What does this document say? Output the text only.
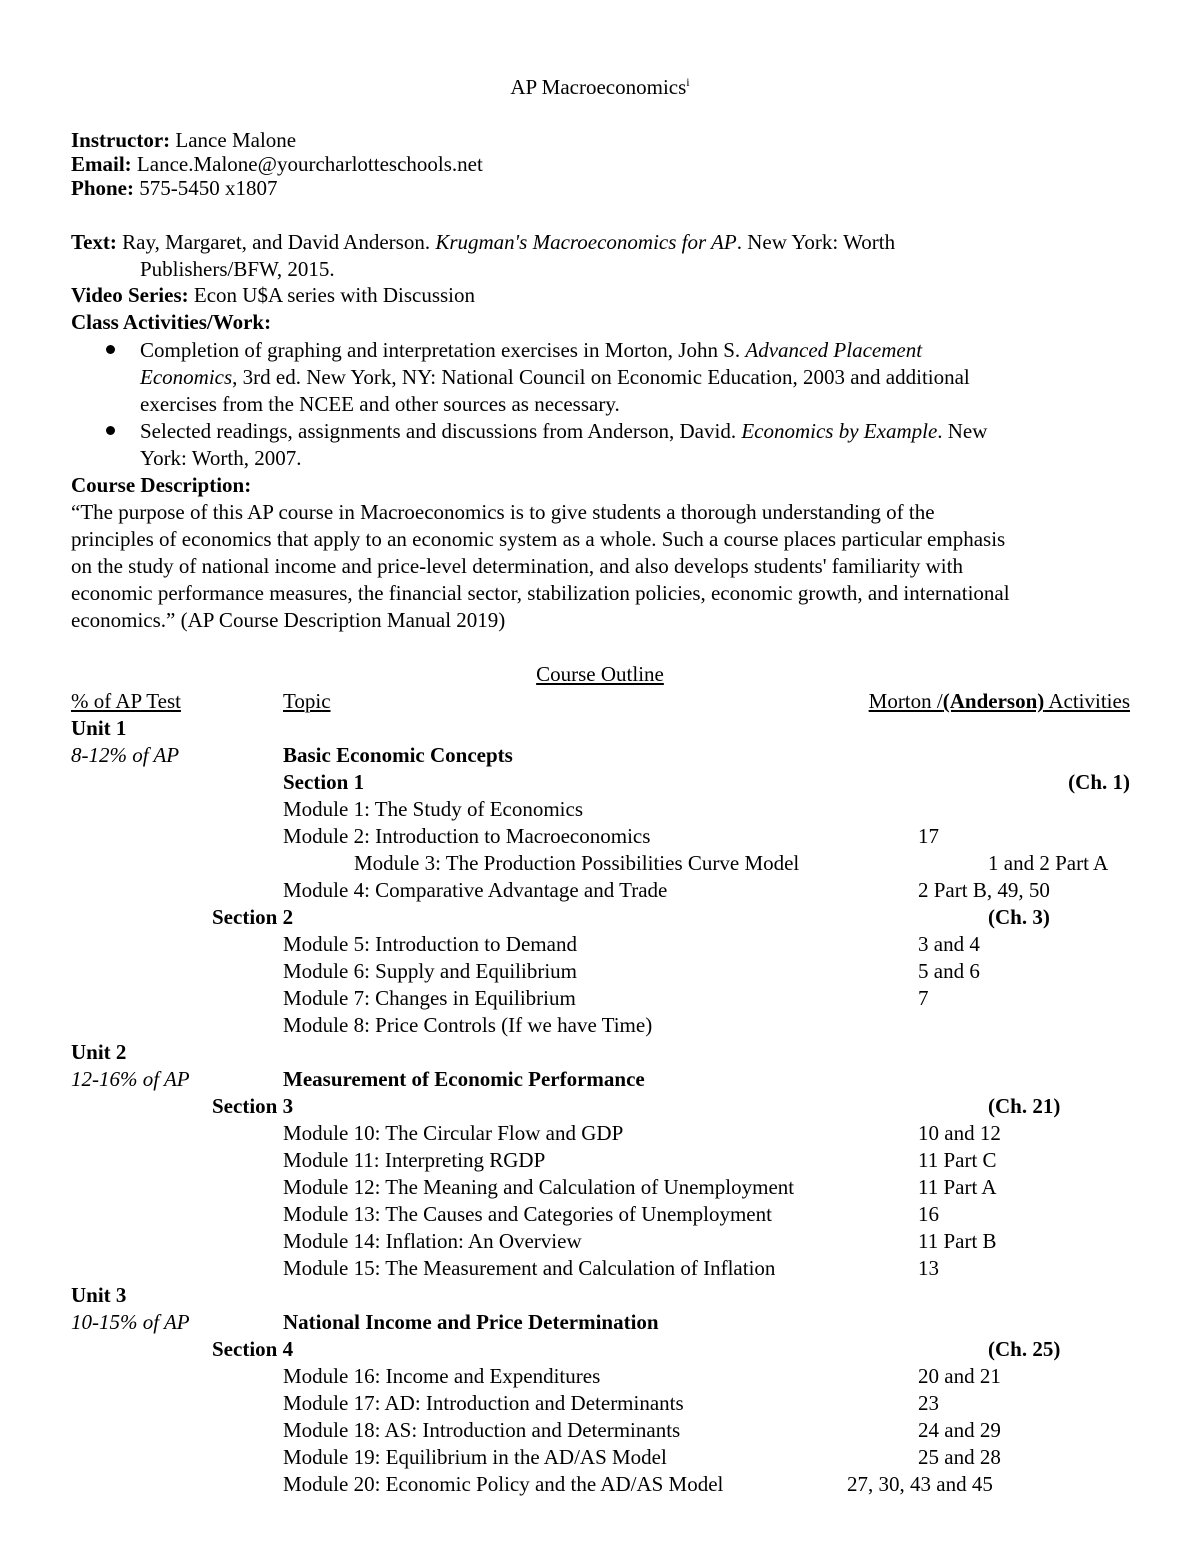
AP Macroeconomics$^i$
Instructor: Lance Malone
Email: Lance.Malone@yourcharlotteschools.net
Phone: 575-5450 x1807
Text: Ray, Margaret, and David Anderson. Krugman's Macroeconomics for AP. New York: Worth
Publishers/BFW, 2015.
Video Series: Econ U$A series with Discussion
Class Activities/Work:
Completion of graphing and interpretation exercises in Morton, John S. Advanced Placement
Economics, 3rd ed. New York, NY: National Council on Economic Education, 2003 and additional
exercises from the NCEE and other sources as necessary.
Selected readings, assignments and discussions from Anderson, David. Economics by Example. New
York: Worth, 2007.
Course Description:
“The purpose of this AP course in Macroeconomics is to give students a thorough understanding of the
principles of economics that apply to an economic system as a whole. Such a course places particular emphasis
on the study of national income and price-level determination, and also develops students' familiarity with
economic performance measures, the financial sector, stabilization policies, economic growth, and international
economics.” (AP Course Description Manual 2019)
Course Outline
% of AP Test	Topic	Morton /(Anderson) Activities
Unit 1
8-12% of AP	Basic Economic Concepts
Section 1	(Ch. 1)
Module 1: The Study of Economics
Module 2: Introduction to Macroeconomics	17
Module 3: The Production Possibilities Curve Model	1 and 2 Part A
Module 4: Comparative Advantage and Trade	2 Part B, 49, 50
Section 2	(Ch. 3)
Module 5: Introduction to Demand	3 and 4
Module 6: Supply and Equilibrium	5 and 6
Module 7: Changes in Equilibrium	7
Module 8: Price Controls (If we have Time)
Unit 2
12-16% of AP	Measurement of Economic Performance
Section 3	(Ch. 21)
Module 10: The Circular Flow and GDP	10 and 12
Module 11: Interpreting RGDP	11 Part C
Module 12: The Meaning and Calculation of Unemployment	11 Part A
Module 13: The Causes and Categories of Unemployment	16
Module 14: Inflation: An Overview	11 Part B
Module 15: The Measurement and Calculation of Inflation	13
Unit 3
10-15% of AP	National Income and Price Determination
Section 4	(Ch. 25)
Module 16: Income and Expenditures	20 and 21
Module 17: AD: Introduction and Determinants	23
Module 18: AS: Introduction and Determinants	24 and 29
Module 19: Equilibrium in the AD/AS Model	25 and 28
Module 20: Economic Policy and the AD/AS Model	27, 30, 43 and 45
